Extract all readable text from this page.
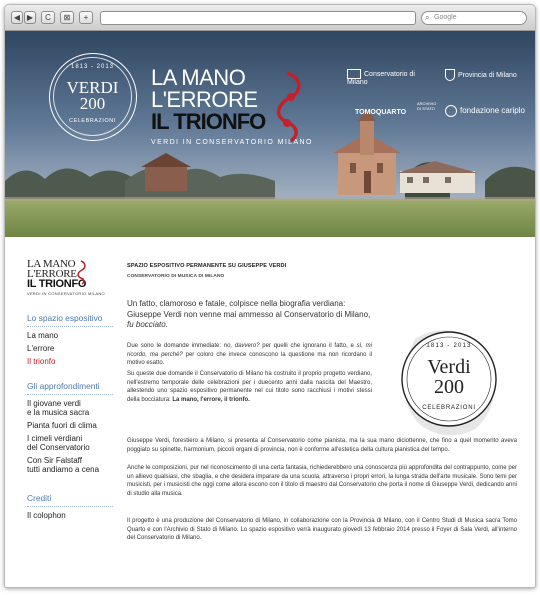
◀ ▶	C	⊠	+	⌕ Google
1813 - 2013
VERDI
200
CELEBRAZIONI
LA MANO
L'ERRORE
IL TRIONFO
VERDI IN CONSERVATORIO MILANO
Conservatorio di Milano
Provincia di Milano
TOMOQUARTO
ARCHIVIO DI STATO	fondazione cariplo
LA MANO
L'ERRORE
IL TRIONFO
VERDI IN CONSERVATORIO MILANO
Lo spazio espositivo
La mano
L'errore
Il trionfo
Gli approfondimenti
Il giovane verdi
e la musica sacra
Pianta fuori di clima
I cimeli verdiani
del Conservatorio
Con Sir Falstaff
tutti andiamo a cena
Crediti
Il colophon
SPAZIO ESPOSITIVO PERMANENTE SU GIUSEPPE VERDI
CONSERVATORIO DI MUSICA DI MILANO
Un fatto, clamoroso e fatale, colpisce nella biografia verdiana: Giuseppe Verdi non venne mai ammesso al Conservatorio di Milano, fu bocciato.
Due sono le domande immediate: no, davvero? per quelli che ignorano il fatto, e sì, mi ricordo, ma perché? per coloro che invece conoscono la questione ma non ricordano il motivo esatto.
Su queste due domande il Conservatorio di Milano ha costruito il proprio progetto verdiano, nell'estremo temporale delle celebrazioni per i duecento anni dalla nascita del Maestro, allestendo uno spazio espositivo permanente nel cui titolo sono racchiusi i motivi stessi della bocciatura: La mano, l'errore, il trionfo.
Giuseppe Verdi, forestiero a Milano, si presenta al Conservatorio come pianista, ma la sua mano diciottenne, che fino a quel momento aveva poggiato su spinette, harmonium, piccoli organi di provincia, non è conforme all'estetica della cultura pianistica del tempo.
Anche le composizioni, pur nel riconoscimento di una certa fantasia, richiederebbero una conoscenza più approfondita del contrappunto, come per un allievo qualsiasi, che sbaglia, e che desidera imparare da una scuola, attraverso i propri errori, la lunga strada dell'arte musicale. Sono temi per musicisti, per i musicisti che oggi come allora escono con il titolo di maestro dal Conservatorio che porta il nome di Giuseppe Verdi, dedicando anni di studio alla musica.
Il progetto è una produzione del Conservatorio di Milano, in collaborazione con la Provincia di Milano, con il Centro Studi di Musica sacra Tomo Quarto e con l'Archivio di Stato di Milano. Lo spazio espositivo verrà inaugurato giovedì 13 febbraio 2014 presso il Foyer di Sala Verdi, all'interno del Conservatorio di Milano.
1813 - 2013
Verdi
200
CELEBRAZIONI
